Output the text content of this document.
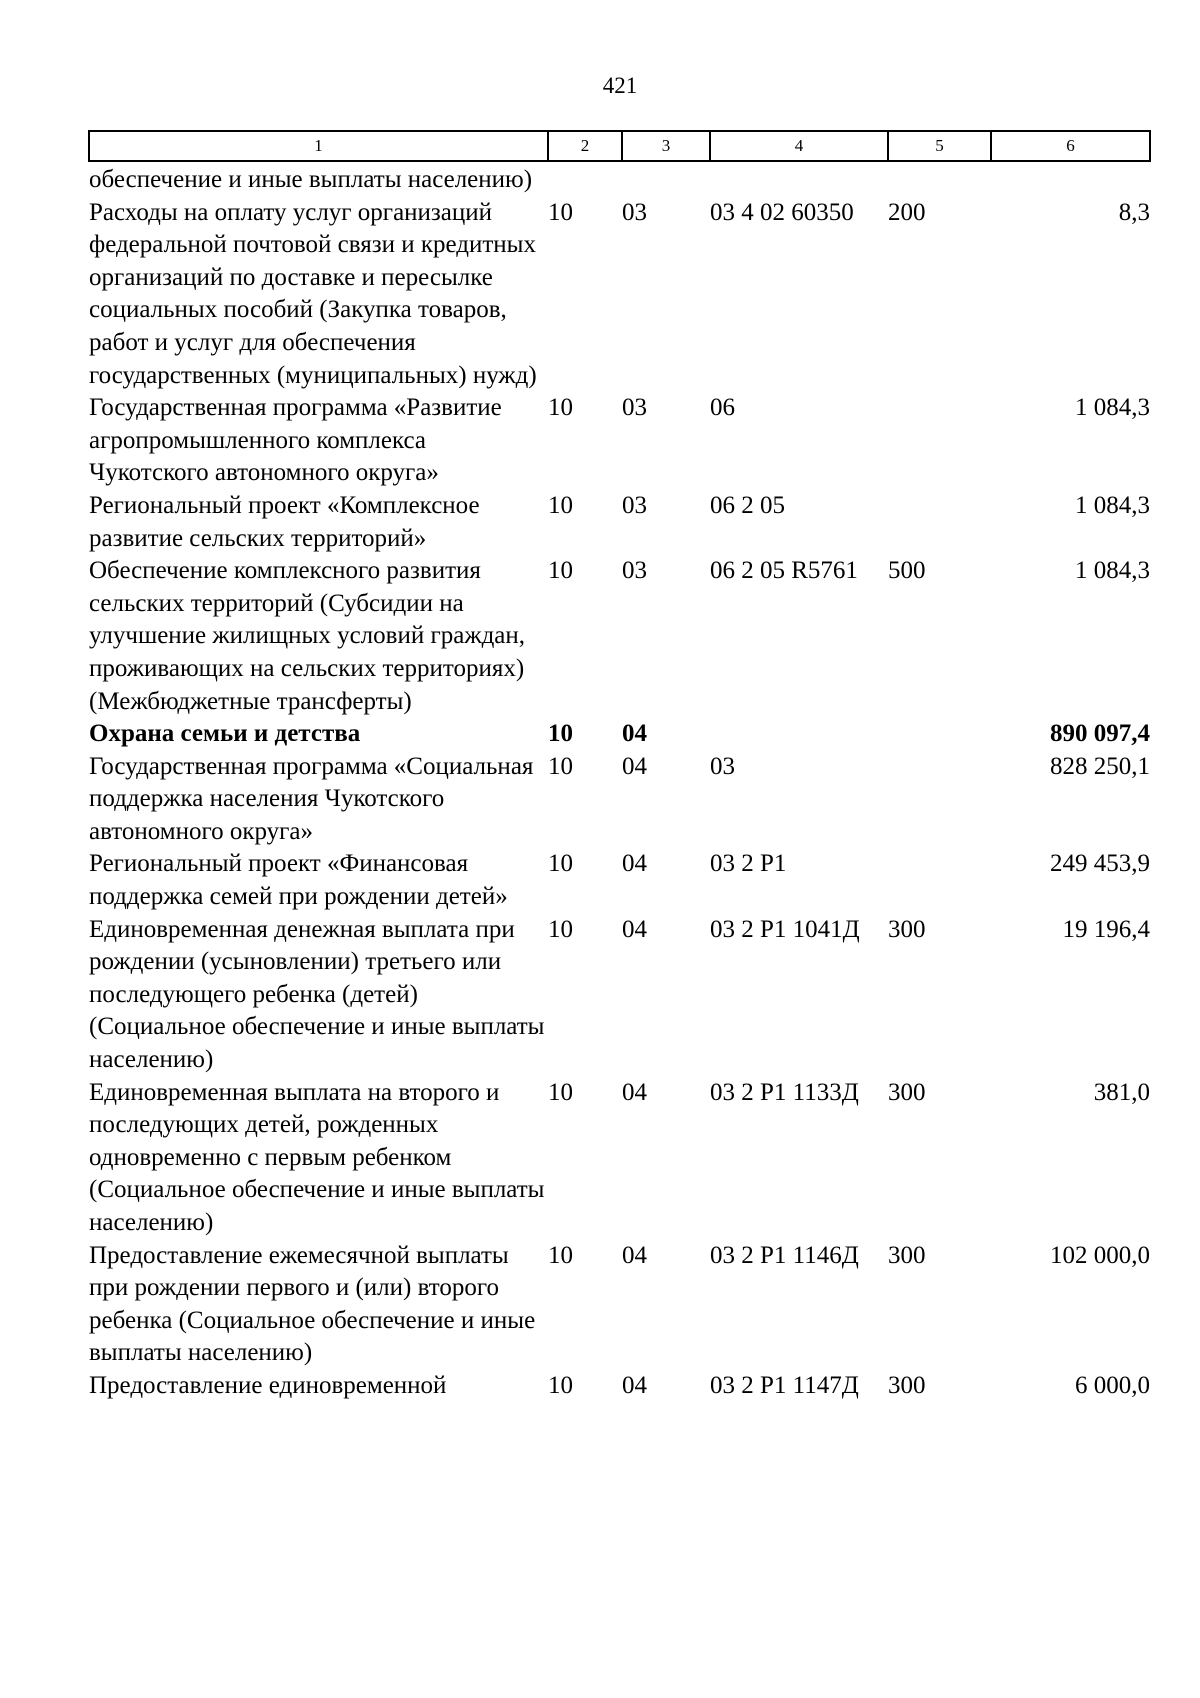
421
1	2	3	4	5	6
обеспечение и иные выплаты населению)					
Расходы на оплату услуг организаций федеральной почтовой связи и кредитных организаций по доставке и пересылке социальных пособий (Закупка товаров, работ и услуг для обеспечения государственных (муниципальных) нужд)	10	03	03 4 02 60350	200	8,3
Государственная программа «Развитие агропромышленного комплекса Чукотского автономного округа»	10	03	06		1 084,3
Региональный проект «Комплексное развитие сельских территорий»	10	03	06 2 05		1 084,3
Обеспечение комплексного развития сельских территорий (Субсидии на улучшение жилищных условий граждан, проживающих на сельских территориях) (Межбюджетные трансферты)	10	03	06 2 05 R5761	500	1 084,3
Охрана семьи и детства	10	04			890 097,4
Государственная программа «Социальная поддержка населения Чукотского автономного округа»	10	04	03		828 250,1
Региональный проект «Финансовая поддержка семей при рождении детей»	10	04	03 2 P1		249 453,9
Единовременная денежная выплата при рождении (усыновлении) третьего или последующего ребенка (детей) (Социальное обеспечение и иные выплаты населению)	10	04	03 2 P1 1041Д	300	19 196,4
Единовременная выплата на второго и последующих детей, рожденных одновременно с первым ребенком (Социальное обеспечение и иные выплаты населению)	10	04	03 2 P1 1133Д	300	381,0
Предоставление ежемесячной выплаты при рождении первого и (или) второго ребенка (Социальное обеспечение и иные выплаты населению)	10	04	03 2 P1 1146Д	300	102 000,0
Предоставление единовременной	10	04	03 2 P1 1147Д	300	6 000,0
